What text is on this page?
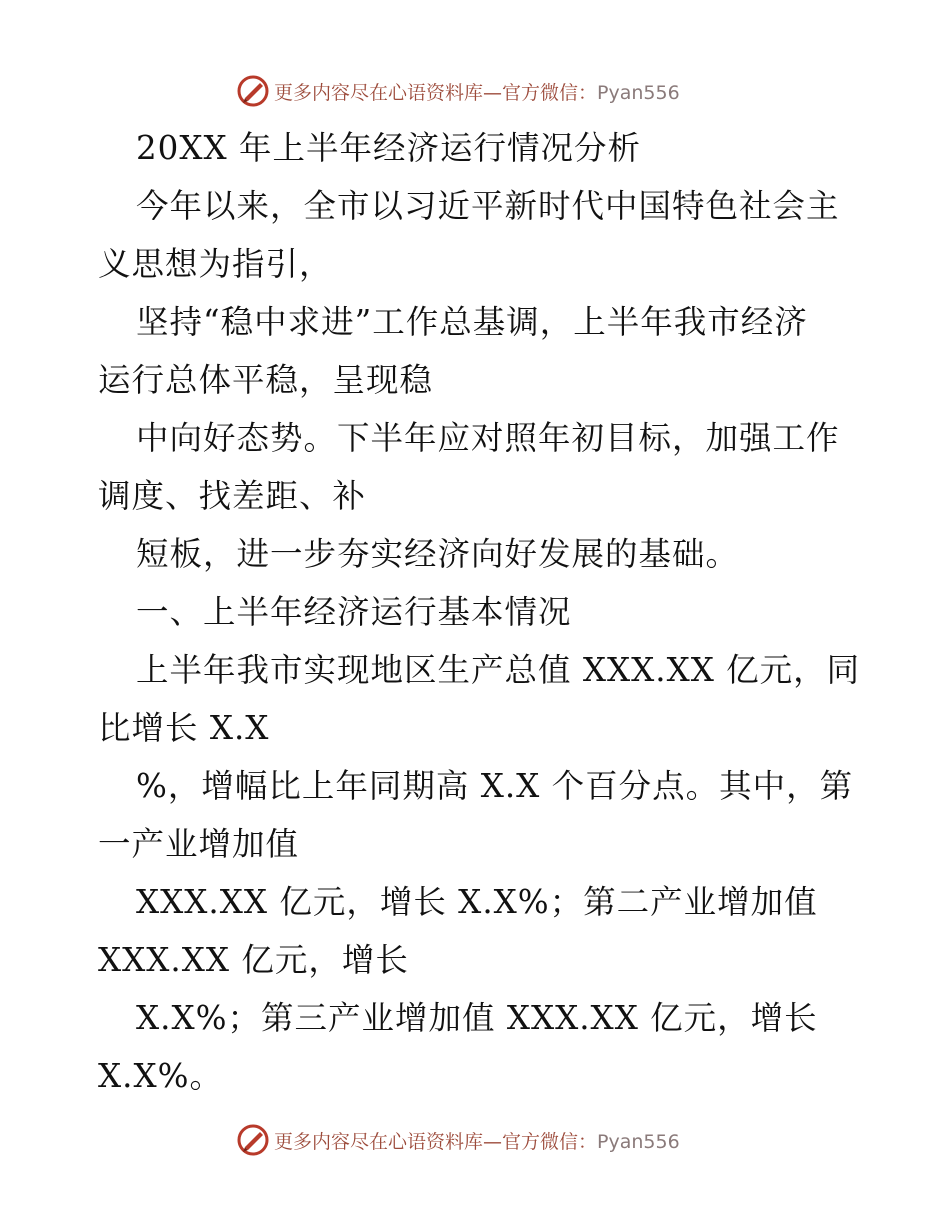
更多内容尽在心语资料库—官方微信：Pyan556
20XX 年上半年经济运行情况分析
今年以来，全市以习近平新时代中国特色社会主
义思想为指引，
坚持“稳中求进”工作总基调，上半年我市经济
运行总体平稳，呈现稳
中向好态势。下半年应对照年初目标，加强工作
调度、找差距、补
短板，进一步夯实经济向好发展的基础。
一、上半年经济运行基本情况
上半年我市实现地区生产总值 XXX.XX 亿元，同
比增长 X.X
%，增幅比上年同期高 X.X 个百分点。其中，第
一产业增加值
XXX.XX 亿元，增长 X.X%；第二产业增加值
XXX.XX 亿元，增长
X.X%；第三产业增加值 XXX.XX 亿元，增长
X.X%。
更多内容尽在心语资料库—官方微信：Pyan556
